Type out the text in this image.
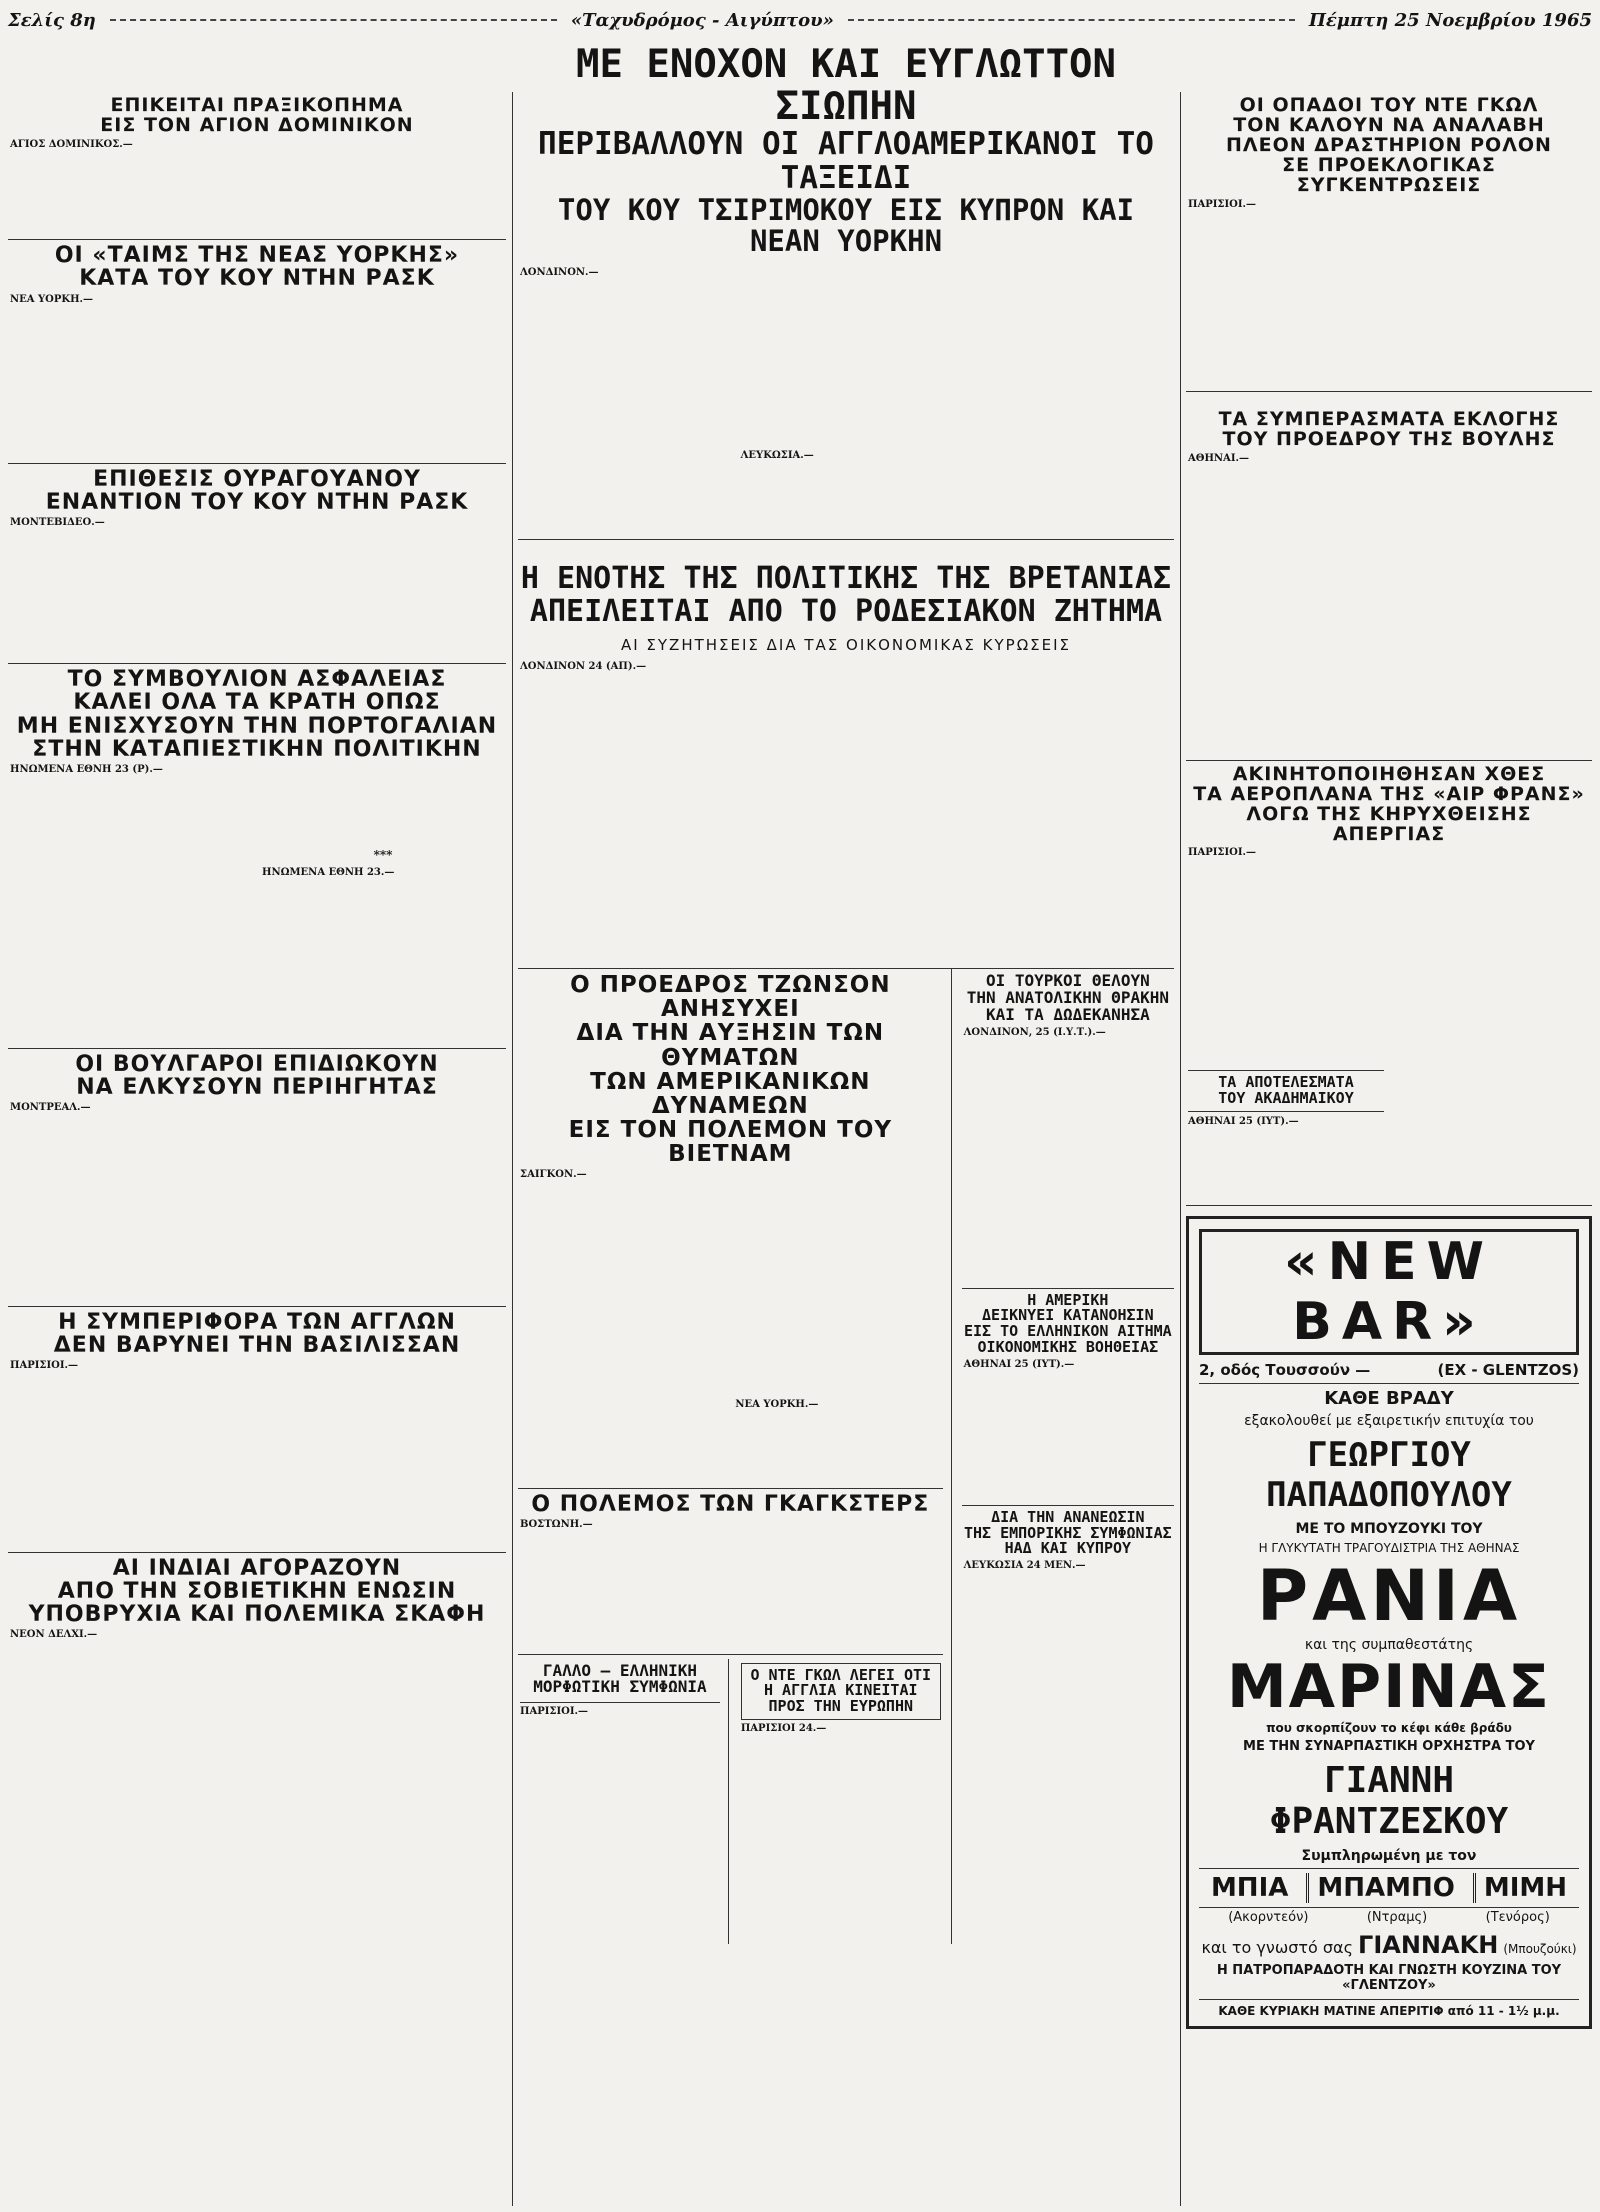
Σελίς 8η	«Ταχυδρόμος - Αιγύπτου»	Πέμπτη 25 Νοεμβρίου 1965
ΕΠΙΚΕΙΤΑΙ ΠΡΑΞΙΚΟΠΗΜΑ
ΕΙΣ ΤΟΝ ΑΓΙΟΝ ΔΟΜΙΝΙΚΟΝ
ΑΓΙΟΣ ΔΟΜΙΝΙΚΟΣ.—

ΟΙ «ΤΑΙΜΣ ΤΗΣ ΝΕΑΣ ΥΟΡΚΗΣ»
ΚΑΤΑ ΤΟΥ ΚΟΥ ΝΤΗΝ ΡΑΣΚ
ΝΕΑ ΥΟΡΚΗ.—

ΕΠΙΘΕΣΙΣ ΟΥΡΑΓΟΥΑΝΟΥ
ΕΝΑΝΤΙΟΝ ΤΟΥ ΚΟΥ ΝΤΗΝ ΡΑΣΚ
ΜΟΝΤΕΒΙΔΕΟ.—

ΤΟ ΣΥΜΒΟΥΛΙΟΝ ΑΣΦΑΛΕΙΑΣ
ΚΑΛΕΙ ΟΛΑ ΤΑ ΚΡΑΤΗ ΟΠΩΣ
ΜΗ ΕΝΙΣΧΥΣΟΥΝ ΤΗΝ ΠΟΡΤΟΓΑΛΙΑΝ
ΣΤΗΝ ΚΑΤΑΠΙΕΣΤΙΚΗΝ ΠΟΛΙΤΙΚΗΝ
ΗΝΩΜΕΝΑ ΕΘΝΗ 23 (Ρ).—

***
ΗΝΩΜΕΝΑ ΕΘΝΗ 23.—

ΟΙ ΒΟΥΛΓΑΡΟΙ ΕΠΙΔΙΩΚΟΥΝ
ΝΑ ΕΛΚΥΣΟΥΝ ΠΕΡΙΗΓΗΤΑΣ
ΜΟΝΤΡΕΑΛ.—

Η ΣΥΜΠΕΡΙΦΟΡΑ ΤΩΝ ΑΓΓΛΩΝ
ΔΕΝ ΒΑΡΥΝΕΙ ΤΗΝ ΒΑΣΙΛΙΣΣΑΝ
ΠΑΡΙΣΙΟΙ.—

ΑΙ ΙΝΔΙΑΙ ΑΓΟΡΑΖΟΥΝ
ΑΠΟ ΤΗΝ ΣΟΒΙΕΤΙΚΗΝ ΕΝΩΣΙΝ
ΥΠΟΒΡΥΧΙΑ ΚΑΙ ΠΟΛΕΜΙΚΑ ΣΚΑΦΗ
ΝΕΟΝ ΔΕΛΧΙ.—

ΜΕ ΕΝΟΧΟΝ ΚΑΙ ΕΥΓΛΩΤΤΟΝ ΣΙΩΠΗΝ
ΠΕΡΙΒΑΛΛΟΥΝ ΟΙ ΑΓΓΛΟΑΜΕΡΙΚΑΝΟΙ ΤΟ ΤΑΞΕΙΔΙ
ΤΟΥ ΚΟΥ ΤΣΙΡΙΜΟΚΟΥ ΕΙΣ ΚΥΠΡΟΝ ΚΑΙ ΝΕΑΝ ΥΟΡΚΗΝ
ΛΟΝΔΙΝΟΝ.—

ΛΕΥΚΩΣΙΑ.—

Η ΕΝΟΤΗΣ ΤΗΣ ΠΟΛΙΤΙΚΗΣ ΤΗΣ ΒΡΕΤΑΝΙΑΣ
ΑΠΕΙΛΕΙΤΑΙ ΑΠΟ ΤΟ ΡΟΔΕΣΙΑΚΟΝ ΖΗΤΗΜΑ
ΑΙ ΣΥΖΗΤΗΣΕΙΣ ΔΙΑ ΤΑΣ ΟΙΚΟΝΟΜΙΚΑΣ ΚΥΡΩΣΕΙΣ
ΛΟΝΔΙΝΟΝ 24 (ΑΠ).—

Ο ΠΡΟΕΔΡΟΣ ΤΖΩΝΣΟΝ ΑΝΗΣΥΧΕΙ
ΔΙΑ ΤΗΝ ΑΥΞΗΣΙΝ ΤΩΝ ΘΥΜΑΤΩΝ
ΤΩΝ ΑΜΕΡΙΚΑΝΙΚΩΝ ΔΥΝΑΜΕΩΝ
ΕΙΣ ΤΟΝ ΠΟΛΕΜΟΝ ΤΟΥ ΒΙΕΤΝΑΜ
ΣΑΙΓΚΟΝ.—

ΝΕΑ ΥΟΡΚΗ.—

Ο ΠΟΛΕΜΟΣ ΤΩΝ ΓΚΑΓΚΣΤΕΡΣ
ΒΟΣΤΩΝΗ.—

ΓΑΛΛΟ — ΕΛΛΗΝΙΚΗ
ΜΟΡΦΩΤΙΚΗ ΣΥΜΦΩΝΙΑ
ΠΑΡΙΣΙΟΙ.—

Ο ΝΤΕ ΓΚΩΛ ΛΕΓΕΙ ΟΤΙ
Η ΑΓΓΛΙΑ ΚΙΝΕΙΤΑΙ
ΠΡΟΣ ΤΗΝ ΕΥΡΩΠΗΝ
ΠΑΡΙΣΙΟΙ 24.—

ΟΙ ΤΟΥΡΚΟΙ ΘΕΛΟΥΝ
ΤΗΝ ΑΝΑΤΟΛΙΚΗΝ ΘΡΑΚΗΝ
ΚΑΙ ΤΑ ΔΩΔΕΚΑΝΗΣΑ
ΛΟΝΔΙΝΟΝ, 25 (Ι.Υ.Τ.).—

Η ΑΜΕΡΙΚΗ
ΔΕΙΚΝΥΕΙ ΚΑΤΑΝΟΗΣΙΝ
ΕΙΣ ΤΟ ΕΛΛΗΝΙΚΟΝ ΑΙΤΗΜΑ
ΟΙΚΟΝΟΜΙΚΗΣ ΒΟΗΘΕΙΑΣ
ΑΘΗΝΑΙ 25 (ΙΥΤ).—

ΔΙΑ ΤΗΝ ΑΝΑΝΕΩΣΙΝ
ΤΗΣ ΕΜΠΟΡΙΚΗΣ ΣΥΜΦΩΝΙΑΣ
ΗΑΔ ΚΑΙ ΚΥΠΡΟΥ
ΛΕΥΚΩΣΙΑ 24 ΜΕΝ.—

ΟΙ ΟΠΑΔΟΙ ΤΟΥ ΝΤΕ ΓΚΩΛ
ΤΟΝ ΚΑΛΟΥΝ ΝΑ ΑΝΑΛΑΒΗ
ΠΛΕΟΝ ΔΡΑΣΤΗΡΙΟΝ ΡΟΛΟΝ
ΣΕ ΠΡΟΕΚΛΟΓΙΚΑΣ ΣΥΓΚΕΝΤΡΩΣΕΙΣ
ΠΑΡΙΣΙΟΙ.—

ΤΑ ΣΥΜΠΕΡΑΣΜΑΤΑ ΕΚΛΟΓΗΣ
ΤΟΥ ΠΡΟΕΔΡΟΥ ΤΗΣ ΒΟΥΛΗΣ
ΑΘΗΝΑΙ.—

ΑΚΙΝΗΤΟΠΟΙΗΘΗΣΑΝ ΧΘΕΣ
ΤΑ ΑΕΡΟΠΛΑΝΑ ΤΗΣ «ΑΙΡ ΦΡΑΝΣ»
ΛΟΓΩ ΤΗΣ ΚΗΡΥΧΘΕΙΣΗΣ ΑΠΕΡΓΙΑΣ
ΠΑΡΙΣΙΟΙ.—

ΤΑ ΑΠΟΤΕΛΕΣΜΑΤΑ
ΤΟΥ ΑΚΑΔΗΜΑΙΚΟΥ
ΑΘΗΝΑΙ 25 (ΙΥΤ).—

«NEW BAR»
2, οδός Τουσσούν —	(ΕΧ - GLENTZOS)
ΚΑΘΕ ΒΡΑΔΥ
εξακολουθεί με εξαιρετικήν επιτυχία του
ΓΕΩΡΓΙΟΥ ΠΑΠΑΔΟΠΟΥΛΟΥ
ΜΕ ΤΟ ΜΠΟΥΖΟΥΚΙ ΤΟΥ
Η ΓΛΥΚΥΤΑΤΗ ΤΡΑΓΟΥΔΙΣΤΡΙΑ ΤΗΣ ΑΘΗΝΑΣ
ΡΑΝΙΑ
και της συμπαθεστάτης
ΜΑΡΙΝΑΣ
που σκορπίζουν το κέφι κάθε βράδυ
ΜΕ ΤΗΝ ΣΥΝΑΡΠΑΣΤΙΚΗ ΟΡΧΗΣΤΡΑ ΤΟΥ
ΓΙΑΝΝΗ ΦΡΑΝΤΖΕΣΚΟΥ
Συμπληρωμένη με τον
ΜΠΙΑ	ΜΠΑΜΠΟ	ΜΙΜΗ
(Ακορντεόν)	(Ντραμς)	(Τενόρος)
και το γνωστό σας ΓΙΑΝΝΑΚΗ (Μπουζούκι)
Η ΠΑΤΡΟΠΑΡΑΔΟΤΗ ΚΑΙ ΓΝΩΣΤΗ ΚΟΥΖΙΝΑ ΤΟΥ «ΓΛΕΝΤΖΟΥ»
ΚΑΘΕ ΚΥΡΙΑΚΗ ΜΑΤΙΝΕ ΑΠΕΡΙΤΙΦ από 11 - 1½ μ.μ.
